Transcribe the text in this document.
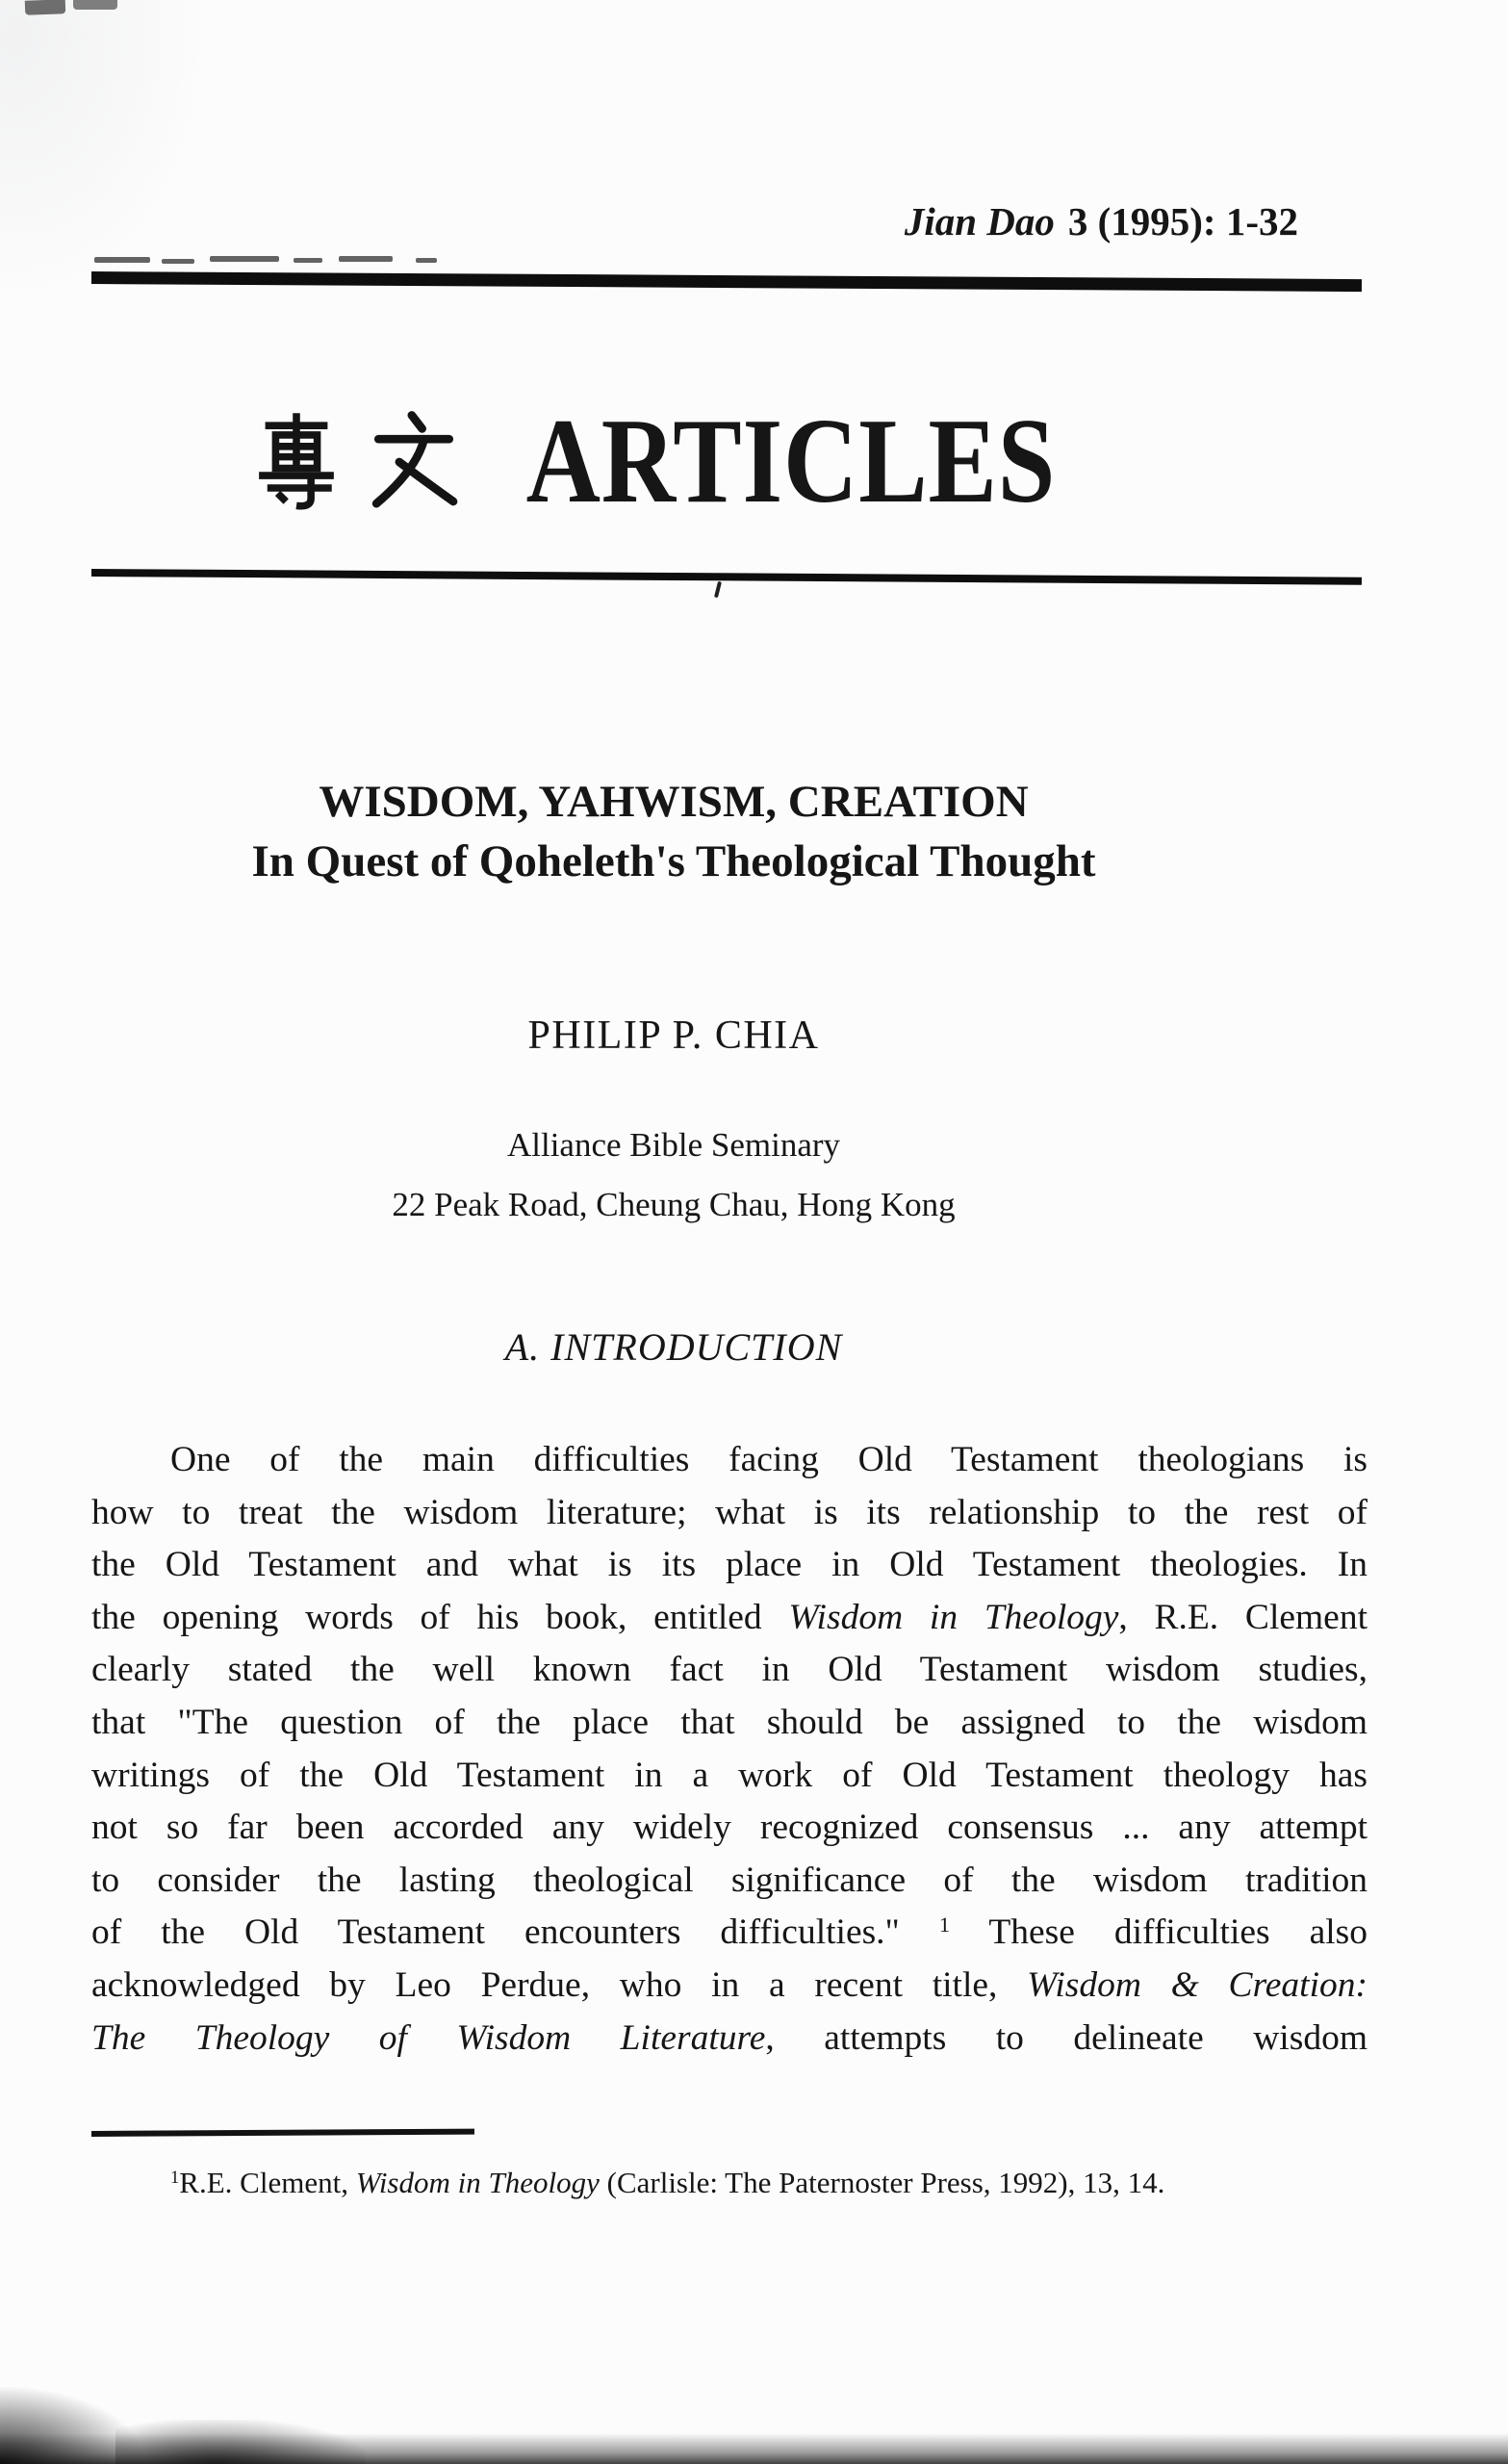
Jian Dao 3 (1995): 1-32
ARTICLES
WISDOM, YAHWISM, CREATION
In Quest of Qoheleth's Theological Thought
PHILIP P. CHIA
Alliance Bible Seminary
22 Peak Road, Cheung Chau, Hong Kong
A. INTRODUCTION
One of the main difficulties facing Old Testament theologians is
how to treat the wisdom literature; what is its relationship to the rest of
the Old Testament and what is its place in Old Testament theologies. In
the opening words of his book, entitled Wisdom in Theology, R.E. Clement
clearly stated the well known fact in Old Testament wisdom studies,
that "The question of the place that should be assigned to the wisdom
writings of the Old Testament in a work of Old Testament theology has
not so far been accorded any widely recognized consensus ... any attempt
to consider the lasting theological significance of the wisdom tradition
of the Old Testament encounters difficulties." $^1$ These difficulties also
acknowledged by Leo Perdue, who in a recent title, Wisdom & Creation:
The Theology of Wisdom Literature, attempts to delineate wisdom
$^1$R.E. Clement, Wisdom in Theology (Carlisle: The Paternoster Press, 1992), 13, 14.
